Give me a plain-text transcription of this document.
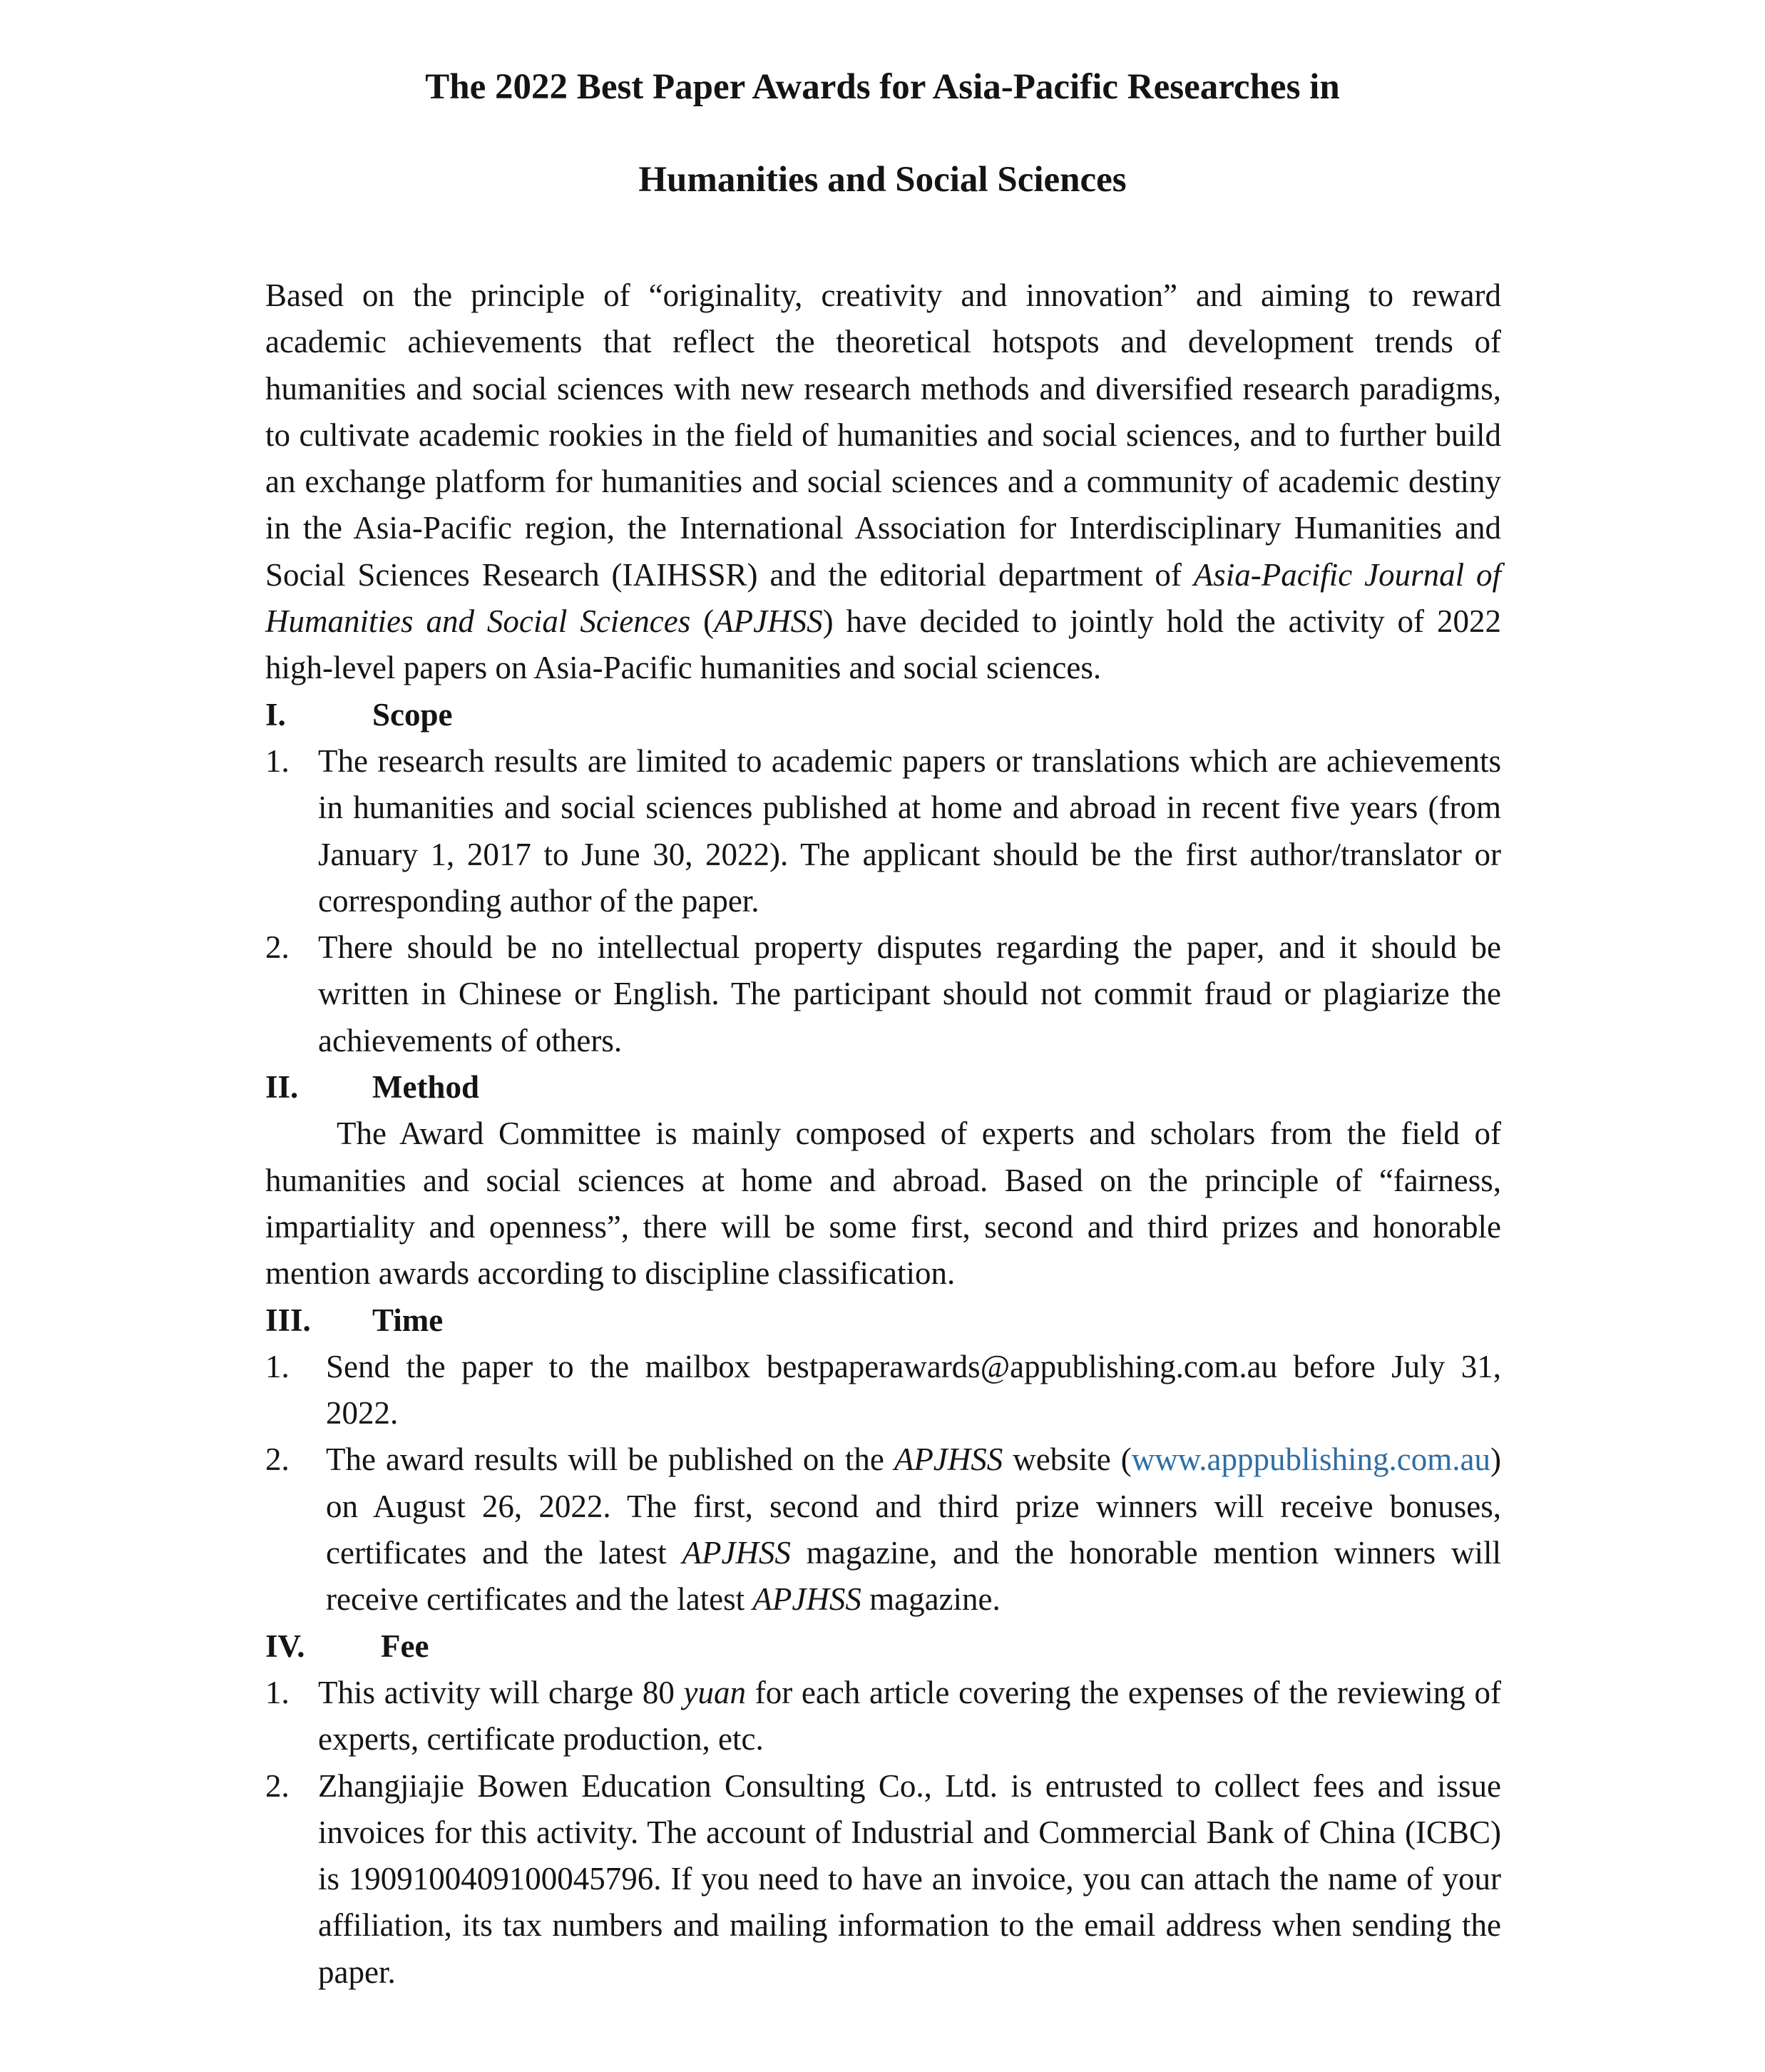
The 2022 Best Paper Awards for Asia-Pacific Researches in
Humanities and Social Sciences

Based on the principle of “originality, creativity and innovation” and aiming to reward academic achievements that reflect the theoretical hotspots and development trends of humanities and social sciences with new research methods and diversified research paradigms, to cultivate academic rookies in the field of humanities and social sciences, and to further build an exchange platform for humanities and social sciences and a community of academic destiny in the Asia-Pacific region, the International Association for Interdisciplinary Humanities and Social Sciences Research (IAIHSSR) and the editorial department of Asia-Pacific Journal of Humanities and Social Sciences (APJHSS) have decided to jointly hold the activity of 2022 high-level papers on Asia-Pacific humanities and social sciences.

I.	Scope
1. The research results are limited to academic papers or translations which are achievements in humanities and social sciences published at home and abroad in recent five years (from January 1, 2017 to June 30, 2022). The applicant should be the first author/translator or corresponding author of the paper.
2. There should be no intellectual property disputes regarding the paper, and it should be written in Chinese or English. The participant should not commit fraud or plagiarize the achievements of others.
II.	Method

The Award Committee is mainly composed of experts and scholars from the field of humanities and social sciences at home and abroad. Based on the principle of “fairness, impartiality and openness”, there will be some first, second and third prizes and honorable mention awards according to discipline classification.

III.	Time
1.	Send the paper to the mailbox bestpaperawards@appublishing.com.au before July 31, 2022.
2.	The award results will be published on the APJHSS website (www.apppublishing.com.au) on August 26, 2022. The first, second and third prize winners will receive bonuses, certificates and the latest APJHSS magazine, and the honorable mention winners will receive certificates and the latest APJHSS magazine.
IV.	Fee
1. This activity will charge 80 yuan for each article covering the expenses of the reviewing of experts, certificate production, etc.
2. Zhangjiajie Bowen Education Consulting Co., Ltd. is entrusted to collect fees and issue invoices for this activity. The account of Industrial and Commercial Bank of China (ICBC) is 1909100409100045796. If you need to have an invoice, you can attach the name of your affiliation, its tax numbers and mailing information to the email address when sending the paper.
